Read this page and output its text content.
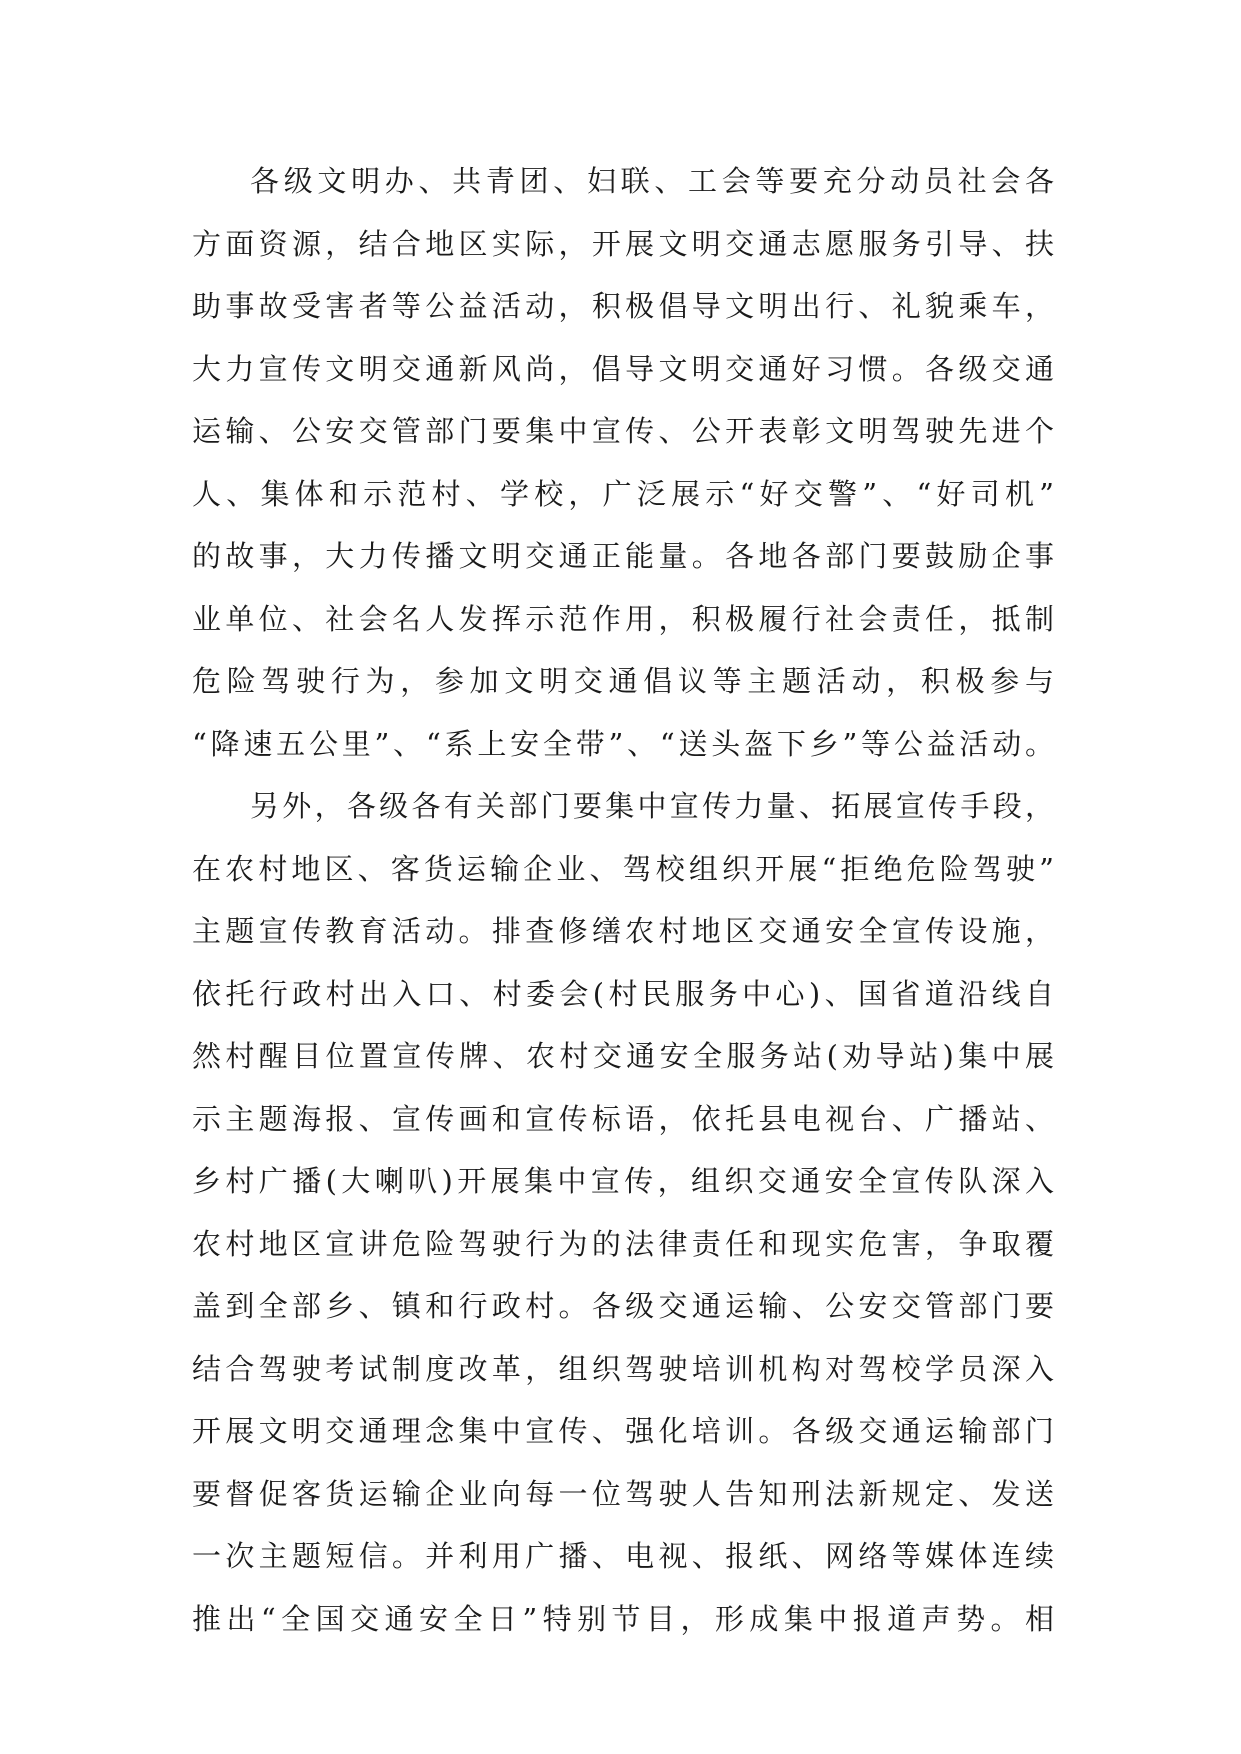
各级文明办、共青团、妇联、工会等要充分动员社会各
方面资源，结合地区实际，开展文明交通志愿服务引导、扶
助事故受害者等公益活动，积极倡导文明出行、礼貌乘车，
大力宣传文明交通新风尚，倡导文明交通好习惯。各级交通
运输、公安交管部门要集中宣传、公开表彰文明驾驶先进个
人、集体和示范村、学校，广泛展示“好交警”、“好司机”
的故事，大力传播文明交通正能量。各地各部门要鼓励企事
业单位、社会名人发挥示范作用，积极履行社会责任，抵制
危险驾驶行为，参加文明交通倡议等主题活动，积极参与
“降速五公里”、“系上安全带”、“送头盔下乡”等公益活动。
另外，各级各有关部门要集中宣传力量、拓展宣传手段，
在农村地区、客货运输企业、驾校组织开展“拒绝危险驾驶”
主题宣传教育活动。排查修缮农村地区交通安全宣传设施，
依托行政村出入口、村委会(村民服务中心)、国省道沿线自
然村醒目位置宣传牌、农村交通安全服务站(劝导站)集中展
示主题海报、宣传画和宣传标语，依托县电视台、广播站、
乡村广播(大喇叭)开展集中宣传，组织交通安全宣传队深入
农村地区宣讲危险驾驶行为的法律责任和现实危害，争取覆
盖到全部乡、镇和行政村。各级交通运输、公安交管部门要
结合驾驶考试制度改革，组织驾驶培训机构对驾校学员深入
开展文明交通理念集中宣传、强化培训。各级交通运输部门
要督促客货运输企业向每一位驾驶人告知刑法新规定、发送
一次主题短信。并利用广播、电视、报纸、网络等媒体连续
推出“全国交通安全日”特别节目，形成集中报道声势。相
